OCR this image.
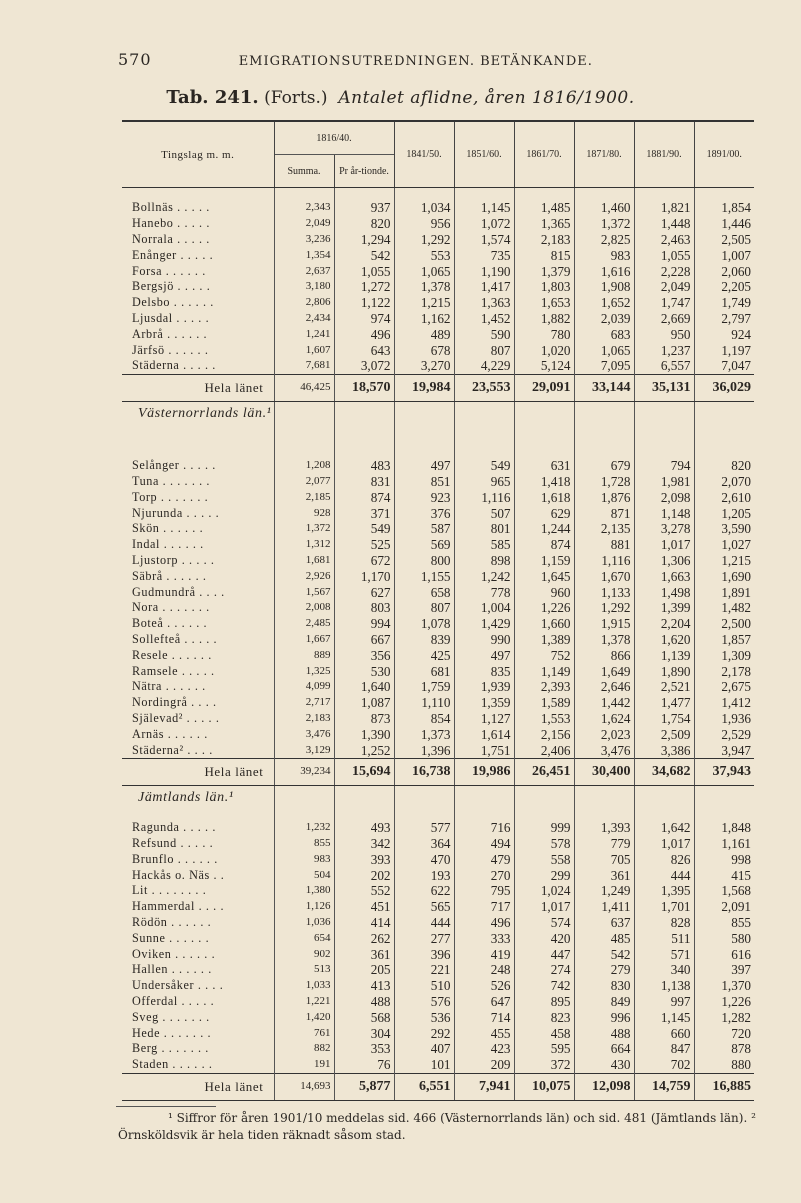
570	EMIGRATIONSUTREDNINGEN. BETÄNKANDE.
Tab. 241. (Forts.) Antalet aflidne, åren 1816/1900.
Tingslag m. m.	1816/40.		1841/50.	1851/60.	1861/70.	1871/80.	1881/90.	1891/00.
	Summa.	Pr år-tionde.						

Bollnäs . . . . .	2,343	937	1,034	1,145	1,485	1,460	1,821	1,854
Hanebo . . . . .	2,049	820	956	1,072	1,365	1,372	1,448	1,446
Norrala . . . . .	3,236	1,294	1,292	1,574	2,183	2,825	2,463	2,505
Enånger . . . . .	1,354	542	553	735	815	983	1,055	1,007
Forsa . . . . . .	2,637	1,055	1,065	1,190	1,379	1,616	2,228	2,060
Bergsjö . . . . .	3,180	1,272	1,378	1,417	1,803	1,908	2,049	2,205
Delsbo . . . . . .	2,806	1,122	1,215	1,363	1,653	1,652	1,747	1,749
Ljusdal . . . . .	2,434	974	1,162	1,452	1,882	2,039	2,669	2,797
Arbrå . . . . . .	1,241	496	489	590	780	683	950	924
Järfsö . . . . . .	1,607	643	678	807	1,020	1,065	1,237	1,197
Städerna . . . . .	7,681	3,072	3,270	4,229	5,124	7,095	6,557	7,047
Hela länet	46,425	18,570	19,984	23,553	29,091	33,144	35,131	36,029
Västernorrlands län.¹								
Selånger . . . . .	1,208	483	497	549	631	679	794	820
Tuna . . . . . . .	2,077	831	851	965	1,418	1,728	1,981	2,070
Torp . . . . . . .	2,185	874	923	1,116	1,618	1,876	2,098	2,610
Njurunda . . . . .	928	371	376	507	629	871	1,148	1,205
Skön . . . . . .	1,372	549	587	801	1,244	2,135	3,278	3,590
Indal . . . . . .	1,312	525	569	585	874	881	1,017	1,027
Ljustorp . . . . .	1,681	672	800	898	1,159	1,116	1,306	1,215
Säbrå . . . . . .	2,926	1,170	1,155	1,242	1,645	1,670	1,663	1,690
Gudmundrå . . . .	1,567	627	658	778	960	1,133	1,498	1,891
Nora . . . . . . .	2,008	803	807	1,004	1,226	1,292	1,399	1,482
Boteå . . . . . .	2,485	994	1,078	1,429	1,660	1,915	2,204	2,500
Sollefteå . . . . .	1,667	667	839	990	1,389	1,378	1,620	1,857
Resele . . . . . .	889	356	425	497	752	866	1,139	1,309
Ramsele . . . . .	1,325	530	681	835	1,149	1,649	1,890	2,178
Nätra . . . . . .	4,099	1,640	1,759	1,939	2,393	2,646	2,521	2,675
Nordingrå . . . .	2,717	1,087	1,110	1,359	1,589	1,442	1,477	1,412
Själevad² . . . . .	2,183	873	854	1,127	1,553	1,624	1,754	1,936
Arnäs . . . . . .	3,476	1,390	1,373	1,614	2,156	2,023	2,509	2,529
Städerna² . . . .	3,129	1,252	1,396	1,751	2,406	3,476	3,386	3,947
Hela länet	39,234	15,694	16,738	19,986	26,451	30,400	34,682	37,943
Jämtlands län.¹								
Ragunda . . . . .	1,232	493	577	716	999	1,393	1,642	1,848
Refsund . . . . .	855	342	364	494	578	779	1,017	1,161
Brunflo . . . . . .	983	393	470	479	558	705	826	998
Hackås o. Näs . .	504	202	193	270	299	361	444	415
Lit . . . . . . . .	1,380	552	622	795	1,024	1,249	1,395	1,568
Hammerdal . . . .	1,126	451	565	717	1,017	1,411	1,701	2,091
Rödön . . . . . .	1,036	414	444	496	574	637	828	855
Sunne . . . . . .	654	262	277	333	420	485	511	580
Oviken . . . . . .	902	361	396	419	447	542	571	616
Hallen . . . . . .	513	205	221	248	274	279	340	397
Undersåker . . . .	1,033	413	510	526	742	830	1,138	1,370
Offerdal . . . . .	1,221	488	576	647	895	849	997	1,226
Sveg . . . . . . .	1,420	568	536	714	823	996	1,145	1,282
Hede . . . . . . .	761	304	292	455	458	488	660	720
Berg . . . . . . .	882	353	407	423	595	664	847	878
Staden . . . . . .	191	76	101	209	372	430	702	880
Hela länet	14,693	5,877	6,551	7,941	10,075	12,098	14,759	16,885
¹ Siffror för åren 1901/10 meddelas sid. 466 (Västernorrlands län) och sid. 481 (Jämtlands län). ² Örnsköldsvik är hela tiden räknadt såsom stad.
